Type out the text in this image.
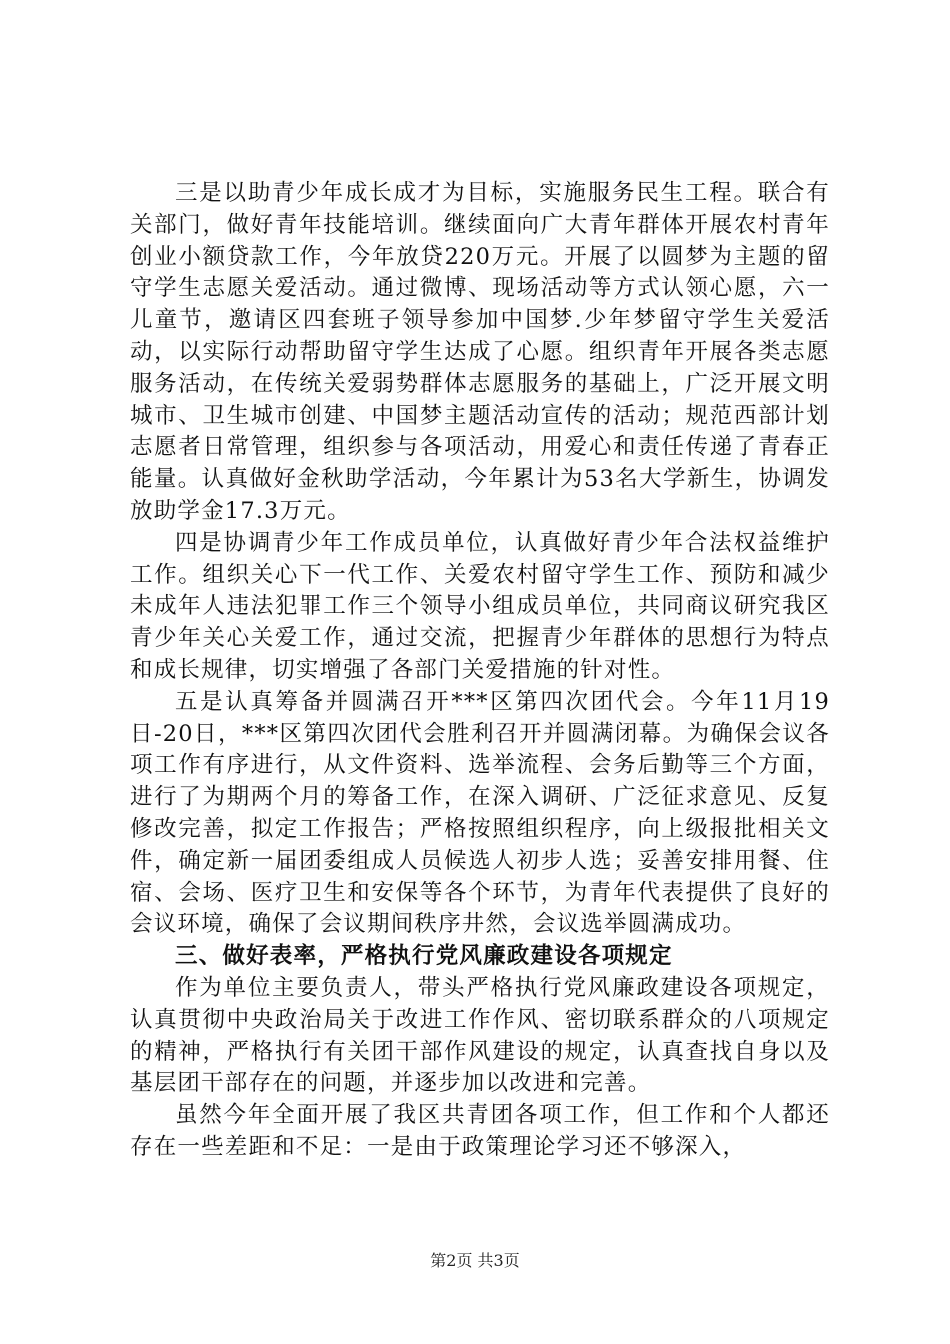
三是以助青少年成长成才为目标，实施服务民生工程。联合有关部门，做好青年技能培训。继续面向广大青年群体开展农村青年创业小额贷款工作，今年放贷220万元。开展了以圆梦为主题的留守学生志愿关爱活动。通过微博、现场活动等方式认领心愿，六一儿童节，邀请区四套班子领导参加中国梦.少年梦留守学生关爱活动，以实际行动帮助留守学生达成了心愿。组织青年开展各类志愿服务活动，在传统关爱弱势群体志愿服务的基础上，广泛开展文明城市、卫生城市创建、中国梦主题活动宣传的活动；规范西部计划志愿者日常管理，组织参与各项活动，用爱心和责任传递了青春正能量。认真做好金秋助学活动，今年累计为53名大学新生，协调发放助学金17.3万元。

四是协调青少年工作成员单位，认真做好青少年合法权益维护工作。组织关心下一代工作、关爱农村留守学生工作、预防和减少未成年人违法犯罪工作三个领导小组成员单位，共同商议研究我区青少年关心关爱工作，通过交流，把握青少年群体的思想行为特点和成长规律，切实增强了各部门关爱措施的针对性。

五是认真筹备并圆满召开***区第四次团代会。今年11月19日-20日，***区第四次团代会胜利召开并圆满闭幕。为确保会议各项工作有序进行，从文件资料、选举流程、会务后勤等三个方面，进行了为期两个月的筹备工作，在深入调研、广泛征求意见、反复修改完善，拟定工作报告；严格按照组织程序，向上级报批相关文件，确定新一届团委组成人员候选人初步人选；妥善安排用餐、住宿、会场、医疗卫生和安保等各个环节，为青年代表提供了良好的会议环境，确保了会议期间秩序井然，会议选举圆满成功。

三、做好表率，严格执行党风廉政建设各项规定

作为单位主要负责人，带头严格执行党风廉政建设各项规定，认真贯彻中央政治局关于改进工作作风、密切联系群众的八项规定的精神，严格执行有关团干部作风建设的规定，认真查找自身以及基层团干部存在的问题，并逐步加以改进和完善。

虽然今年全面开展了我区共青团各项工作，但工作和个人都还存在一些差距和不足：一是由于政策理论学习还不够深入，

第2页 共3页
